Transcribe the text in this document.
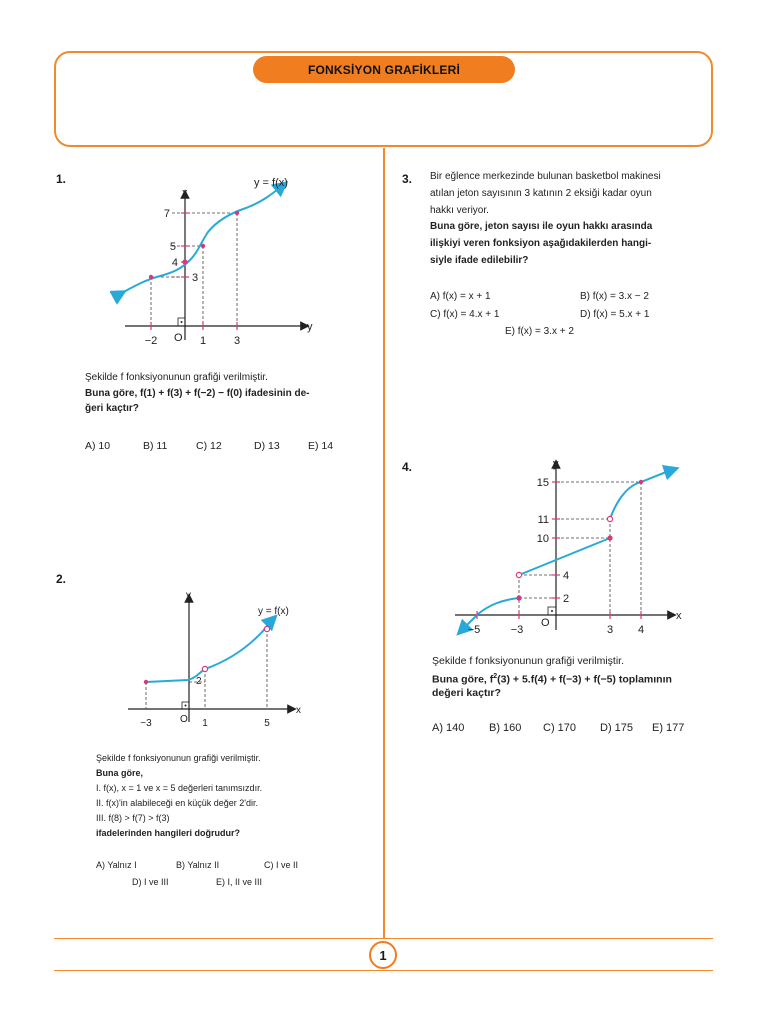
FONKSİYON GRAFİKLERİ
1
1.	y = f(x)
x
y
O
7
5
4
3
−2	1	3
Şekilde f fonksiyonunun grafiği verilmiştir.
Buna göre, f(1) + f(3) + f(−2) − f(0) ifadesinin de-
ğeri kaçtır?
A) 10	B) 11	C) 12	D) 13	E) 14
2.
y = f(x)
y
x
O
2
−3	1	5
Şekilde f fonksiyonunun grafiği verilmiştir.
Buna göre,
I. f(x), x = 1 ve x = 5 değerleri tanımsızdır.
II. f(x)'in alabileceği en küçük değer 2'dir.
III. f(8) > f(7) > f(3)
ifadelerinden hangileri doğrudur?
A) Yalnız I	B) Yalnız II	C) I ve II
D) I ve III	E) I, II ve III
3. Bir eğlence merkezinde bulunan basketbol makinesi
atılan jeton sayısının 3 katının 2 eksiği kadar oyun
hakkı veriyor.
Buna göre, jeton sayısı ile oyun hakkı arasında
ilişkiyi veren fonksiyon aşağıdakilerden hangi-
siyle ifade edilebilir?
A) f(x) = x + 1	B) f(x) = 3.x − 2
C) f(x) = 4.x + 1	D) f(x) = 5.x + 1
E) f(x) = 3.x + 2
4.	y
x
O
15
11
10
4
2
−5	−3	3 4
Şekilde f fonksiyonunun grafiği verilmiştir.
Buna göre, $f^2(3) + 5.f(4) + f(-3) + f(-5)$ toplamının
değeri kaçtır?
A) 140 B) 160 C) 170 D) 175 E) 177
